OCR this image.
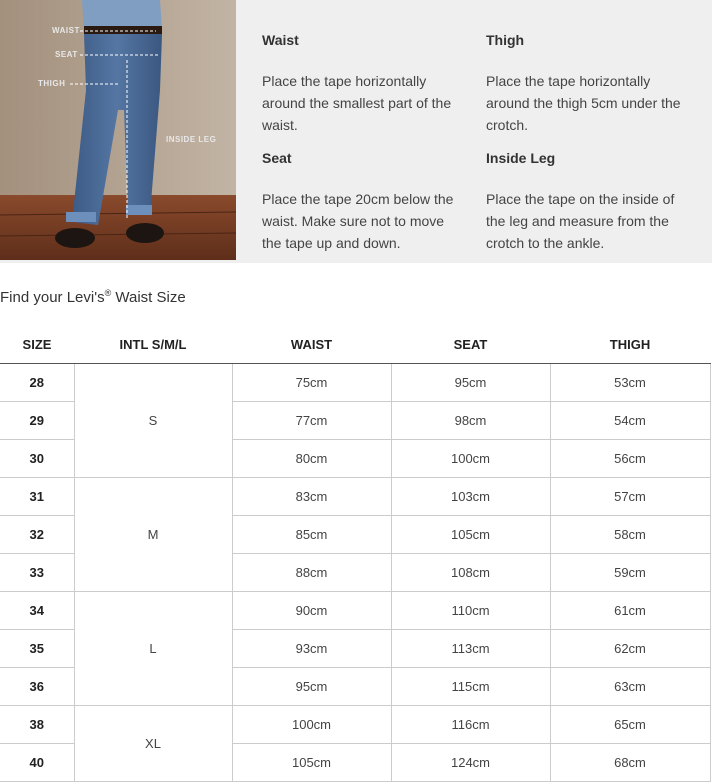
WAIST
SEAT
THIGH
INSIDE LEG
Waist

Place the tape horizontally around the smallest part of the waist.

Thigh

Place the tape horizontally around the thigh 5cm under the crotch.

Seat

Place the tape 20cm below the waist. Make sure not to move the tape up and down.

Inside Leg

Place the tape on the inside of the leg and measure from the crotch to the ankle.

Find your Levi's® Waist Size
SIZE	INTL S/M/L	WAIST	SEAT	THIGH
28	S	75cm	95cm	53cm
29		77cm	98cm	54cm
30		80cm	100cm	56cm
31	M	83cm	103cm	57cm
32		85cm	105cm	58cm
33		88cm	108cm	59cm
34	L	90cm	110cm	61cm
35		93cm	113cm	62cm
36		95cm	115cm	63cm
38	XL	100cm	116cm	65cm
40		105cm	124cm	68cm
